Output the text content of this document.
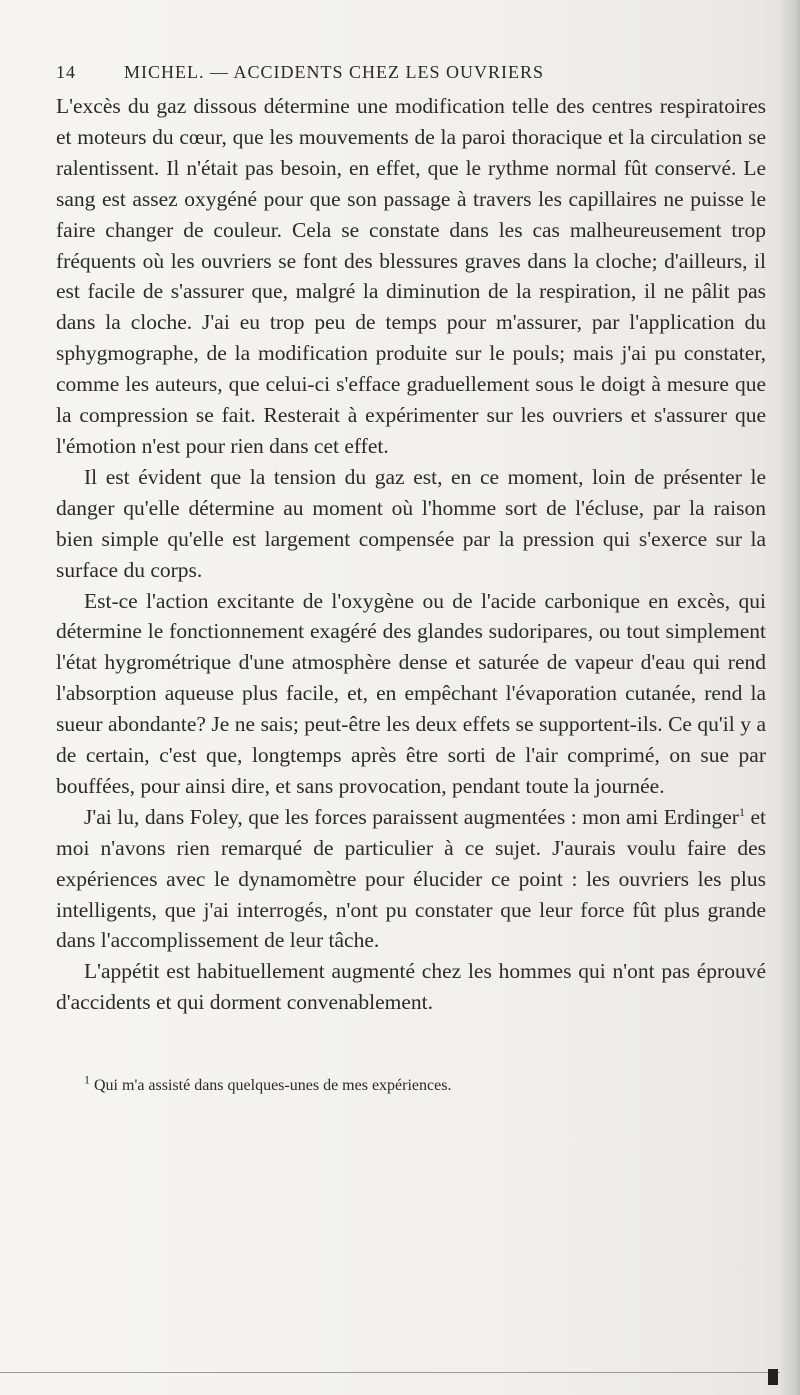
14	MICHEL. — ACCIDENTS CHEZ LES OUVRIERS

L'excès du gaz dissous détermine une modification telle des centres respiratoires et moteurs du cœur, que les mouvements de la paroi thoracique et la circulation se ralentissent. Il n'était pas besoin, en effet, que le rythme normal fût conservé. Le sang est assez oxygéné pour que son passage à travers les capillaires ne puisse le faire changer de couleur. Cela se constate dans les cas malheureusement trop fréquents où les ouvriers se font des blessures graves dans la cloche; d'ailleurs, il est facile de s'assurer que, malgré la diminution de la respiration, il ne pâlit pas dans la cloche. J'ai eu trop peu de temps pour m'assurer, par l'application du sphygmographe, de la modification produite sur le pouls; mais j'ai pu constater, comme les auteurs, que celui-ci s'efface graduellement sous le doigt à mesure que la compression se fait. Resterait à expérimenter sur les ouvriers et s'assurer que l'émotion n'est pour rien dans cet effet.

Il est évident que la tension du gaz est, en ce moment, loin de présenter le danger qu'elle détermine au moment où l'homme sort de l'écluse, par la raison bien simple qu'elle est largement compensée par la pression qui s'exerce sur la surface du corps.

Est-ce l'action excitante de l'oxygène ou de l'acide carbonique en excès, qui détermine le fonctionnement exagéré des glandes sudoripares, ou tout simplement l'état hygrométrique d'une atmosphère dense et saturée de vapeur d'eau qui rend l'absorption aqueuse plus facile, et, en empêchant l'évaporation cutanée, rend la sueur abondante? Je ne sais; peut-être les deux effets se supportent-ils. Ce qu'il y a de certain, c'est que, longtemps après être sorti de l'air comprimé, on sue par bouffées, pour ainsi dire, et sans provocation, pendant toute la journée.

J'ai lu, dans Foley, que les forces paraissent augmentées : mon ami Erdinger$^1$ et moi n'avons rien remarqué de particulier à ce sujet. J'aurais voulu faire des expériences avec le dynamomètre pour élucider ce point : les ouvriers les plus intelligents, que j'ai interrogés, n'ont pu constater que leur force fût plus grande dans l'accomplissement de leur tâche.

L'appétit est habituellement augmenté chez les hommes qui n'ont pas éprouvé d'accidents et qui dorment convenablement.

$^1$ Qui m'a assisté dans quelques-unes de mes expériences.
